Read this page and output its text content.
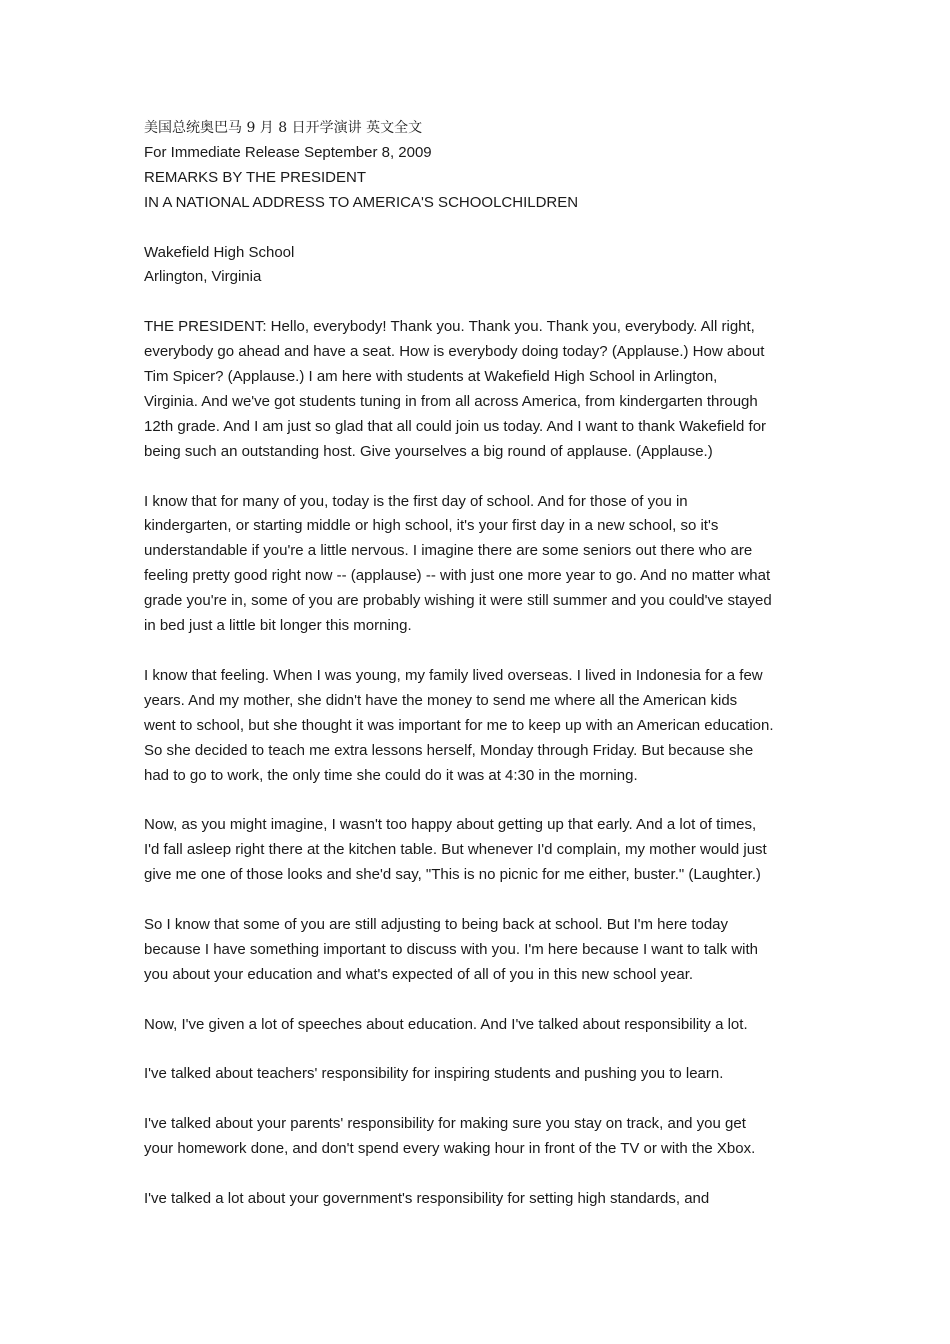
美国总统奥巴马 9 月 8 日开学演讲 英文全文
For Immediate Release September 8, 2009
REMARKS BY THE PRESIDENT
IN A NATIONAL ADDRESS TO AMERICA'S SCHOOLCHILDREN
Wakefield High School
Arlington, Virginia

THE PRESIDENT: Hello, everybody! Thank you. Thank you. Thank you, everybody. All right,
everybody go ahead and have a seat. How is everybody doing today? (Applause.) How about
Tim Spicer? (Applause.) I am here with students at Wakefield High School in Arlington,
Virginia. And we've got students tuning in from all across America, from kindergarten through
12th grade. And I am just so glad that all could join us today. And I want to thank Wakefield for
being such an outstanding host. Give yourselves a big round of applause. (Applause.)

I know that for many of you, today is the first day of school. And for those of you in
kindergarten, or starting middle or high school, it's your first day in a new school, so it's
understandable if you're a little nervous. I imagine there are some seniors out there who are
feeling pretty good right now -- (applause) -- with just one more year to go. And no matter what
grade you're in, some of you are probably wishing it were still summer and you could've stayed
in bed just a little bit longer this morning.

I know that feeling. When I was young, my family lived overseas. I lived in Indonesia for a few
years. And my mother, she didn't have the money to send me where all the American kids
went to school, but she thought it was important for me to keep up with an American education.
So she decided to teach me extra lessons herself, Monday through Friday. But because she
had to go to work, the only time she could do it was at 4:30 in the morning.

Now, as you might imagine, I wasn't too happy about getting up that early. And a lot of times,
I'd fall asleep right there at the kitchen table. But whenever I'd complain, my mother would just
give me one of those looks and she'd say, "This is no picnic for me either, buster." (Laughter.)

So I know that some of you are still adjusting to being back at school. But I'm here today
because I have something important to discuss with you. I'm here because I want to talk with
you about your education and what's expected of all of you in this new school year.

Now, I've given a lot of speeches about education. And I've talked about responsibility a lot.

I've talked about teachers' responsibility for inspiring students and pushing you to learn.

I've talked about your parents' responsibility for making sure you stay on track, and you get
your homework done, and don't spend every waking hour in front of the TV or with the Xbox.

I've talked a lot about your government's responsibility for setting high standards, and
